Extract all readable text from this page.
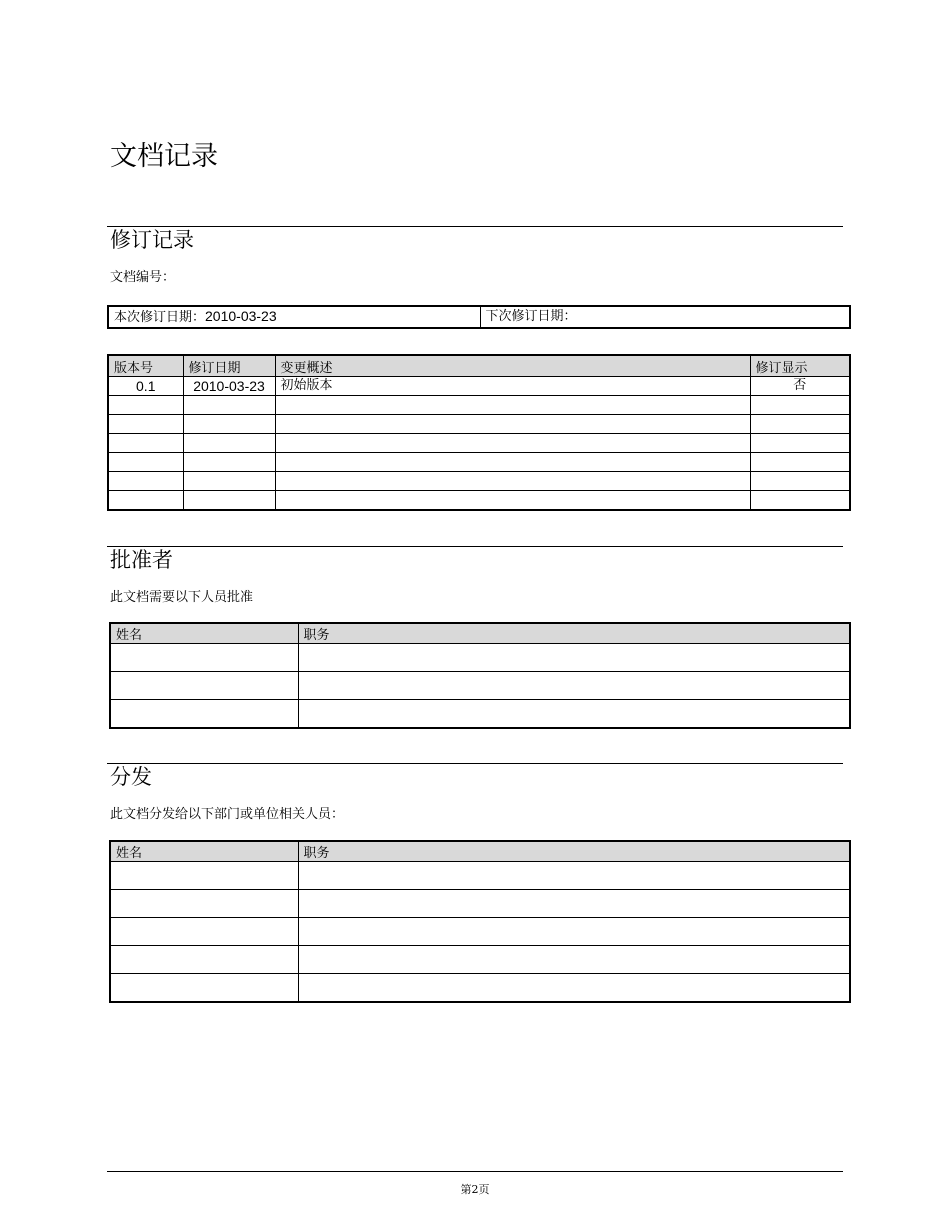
文档记录
修订记录
文档编号：
本次修订日期：2010-03-23	下次修订日期：
版本号	修订日期	变更概述	修订显示
0.1	2010-03-23	初始版本	否

批准者
此文档需要以下人员批准
姓名	职务

分发
此文档分发给以下部门或单位相关人员：
姓名	职务

第2页
